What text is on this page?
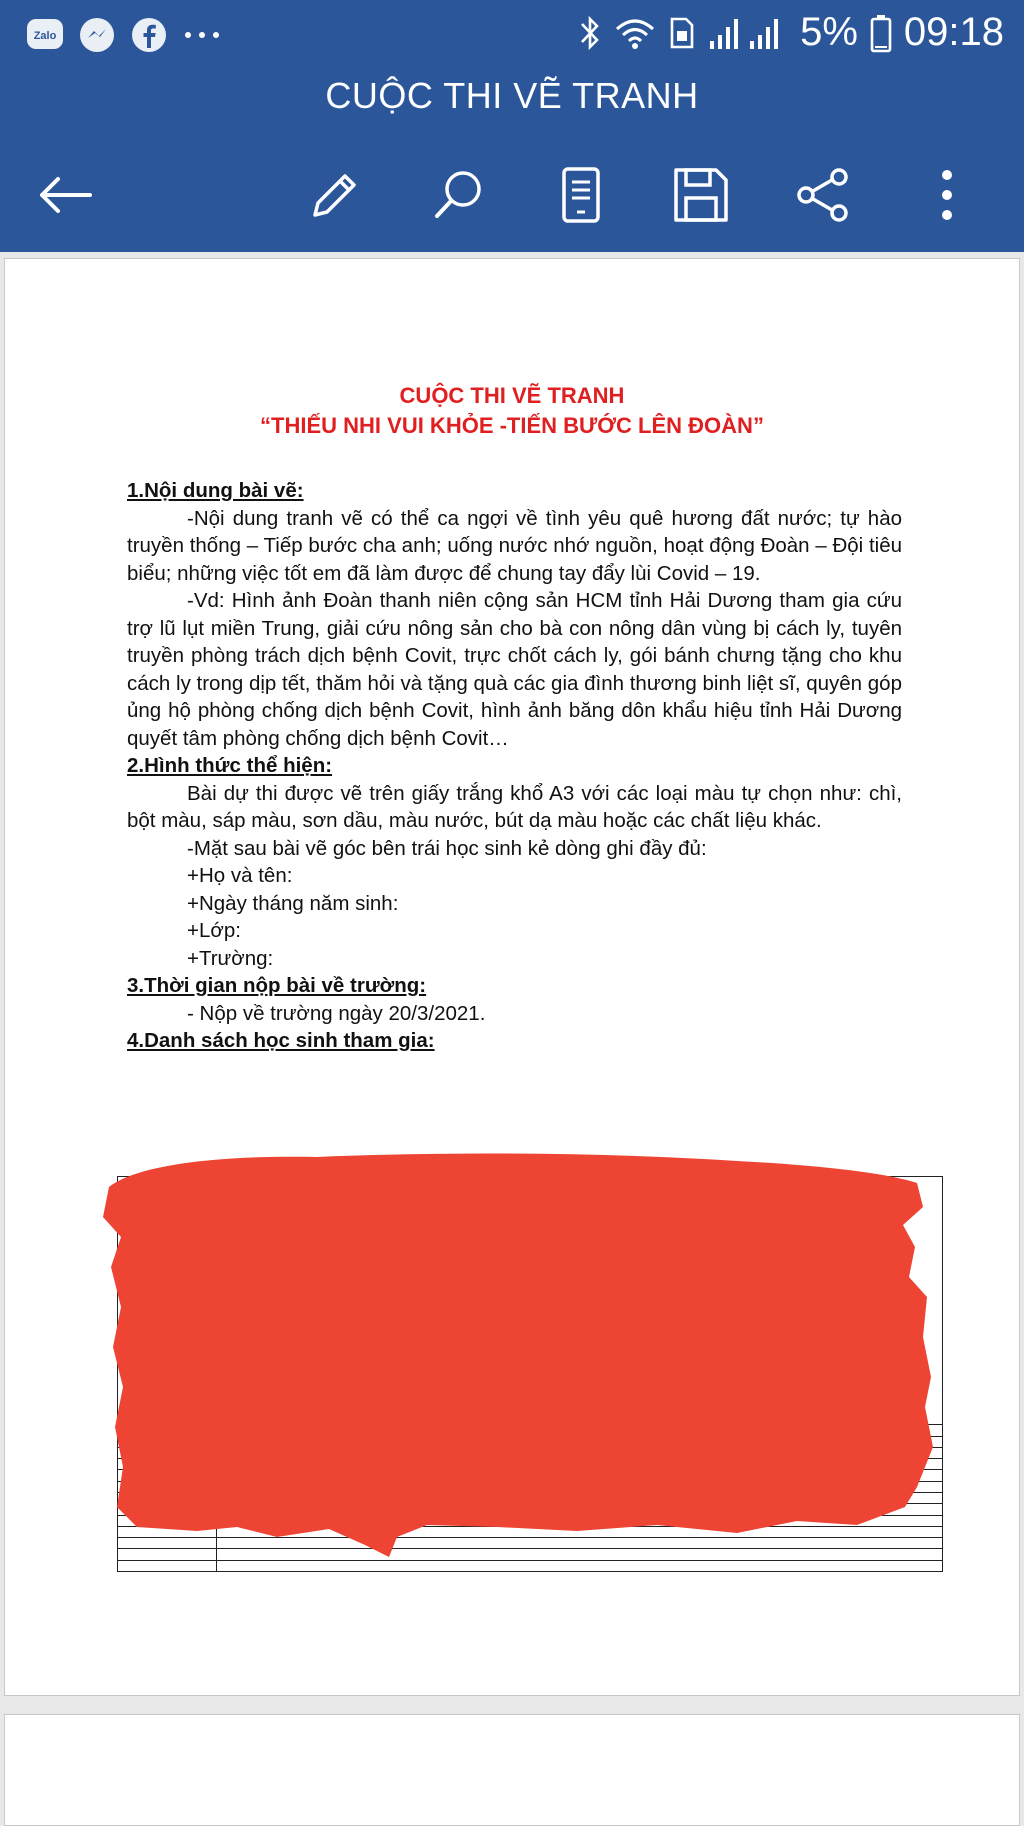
Zalo	5% 09:18
CUỘC THI VẼ TRANH
CUỘC THI VẼ TRANH
“THIẾU NHI VUI KHỎE -TIẾN BƯỚC LÊN ĐOÀN”
1.Nội dung bài vẽ:
-Nội dung tranh vẽ có thể ca ngợi về tình yêu quê hương đất nước; tự hào truyền thống – Tiếp bước cha anh; uống nước nhớ nguồn, hoạt động Đoàn – Đội tiêu biểu; những việc tốt em đã làm được để chung tay đẩy lùi Covid – 19.
-Vd: Hình ảnh Đoàn thanh niên cộng sản HCM tỉnh Hải Dương tham gia cứu trợ lũ lụt miền Trung, giải cứu nông sản cho bà con nông dân vùng bị cách ly, tuyên truyền phòng trách dịch bệnh Covit, trực chốt cách ly, gói bánh chưng tặng cho khu cách ly trong dịp tết, thăm hỏi và tặng quà các gia đình thương binh liệt sĩ, quyên góp ủng hộ phòng chống dịch bệnh Covit, hình ảnh băng dôn khẩu hiệu tỉnh Hải Dương quyết tâm phòng chống dịch bệnh Covit…
2.Hình thức thể hiện:
Bài dự thi được vẽ trên giấy trắng khổ A3 với các loại màu tự chọn như: chì, bột màu, sáp màu, sơn dầu, màu nước, bút dạ màu hoặc các chất liệu khác.
-Mặt sau bài vẽ góc bên trái học sinh kẻ dòng ghi đầy đủ:
+Họ và tên:
+Ngày tháng năm sinh:
+Lớp:
+Trường:
3.Thời gian nộp bài về trường:
- Nộp về trường ngày 20/3/2021.
4.Danh sách học sinh tham gia:
